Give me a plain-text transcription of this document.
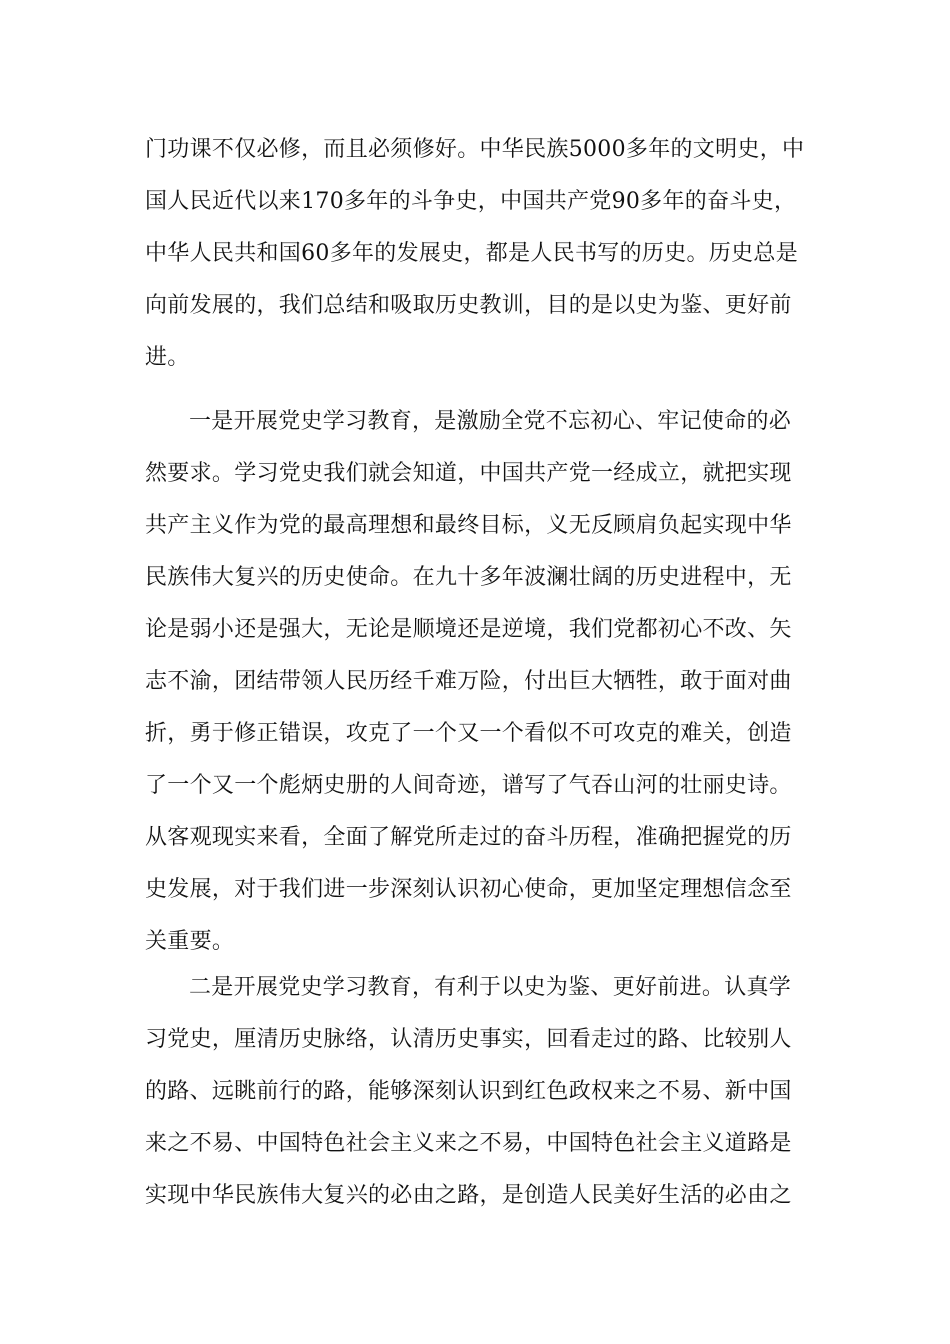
门功课不仅必修，而且必须修好。中华民族5000多年的文明史，中
国人民近代以来170多年的斗争史，中国共产党90多年的奋斗史，
中华人民共和国60多年的发展史，都是人民书写的历史。历史总是
向前发展的，我们总结和吸取历史教训，目的是以史为鉴、更好前
进。
一是开展党史学习教育，是激励全党不忘初心、牢记使命的必
然要求。学习党史我们就会知道，中国共产党一经成立，就把实现
共产主义作为党的最高理想和最终目标，义无反顾肩负起实现中华
民族伟大复兴的历史使命。在九十多年波澜壮阔的历史进程中，无
论是弱小还是强大，无论是顺境还是逆境，我们党都初心不改、矢
志不渝，团结带领人民历经千难万险，付出巨大牺牲，敢于面对曲
折，勇于修正错误，攻克了一个又一个看似不可攻克的难关，创造
了一个又一个彪炳史册的人间奇迹，谱写了气吞山河的壮丽史诗。
从客观现实来看，全面了解党所走过的奋斗历程，准确把握党的历
史发展，对于我们进一步深刻认识初心使命，更加坚定理想信念至
关重要。
二是开展党史学习教育，有利于以史为鉴、更好前进。认真学
习党史，厘清历史脉络，认清历史事实，回看走过的路、比较别人
的路、远眺前行的路，能够深刻认识到红色政权来之不易、新中国
来之不易、中国特色社会主义来之不易，中国特色社会主义道路是
实现中华民族伟大复兴的必由之路，是创造人民美好生活的必由之
